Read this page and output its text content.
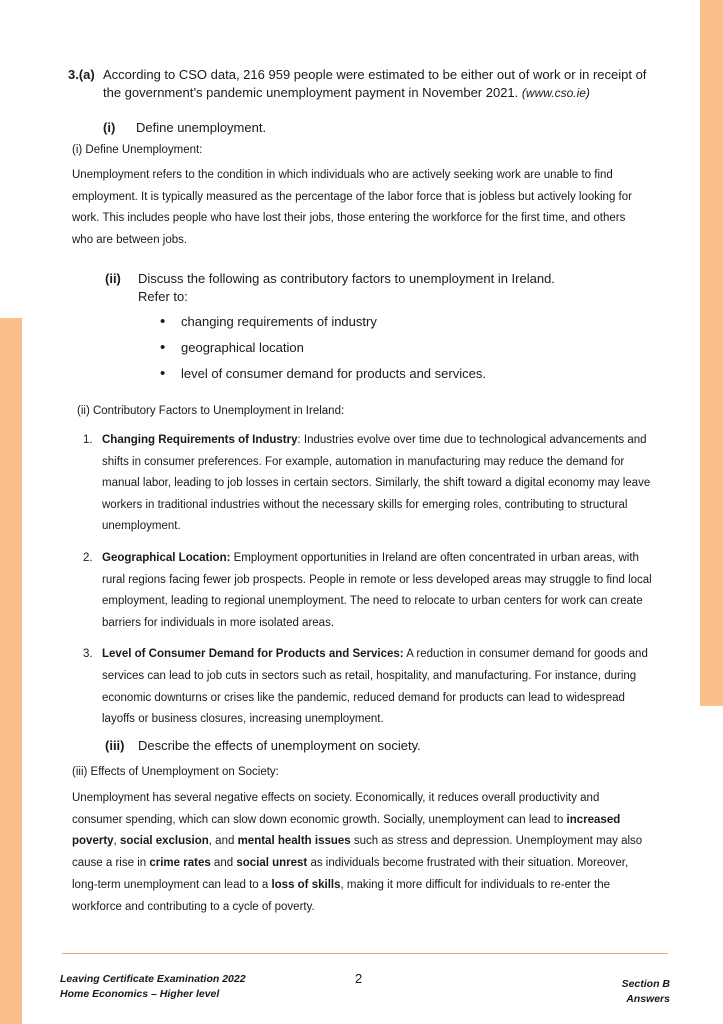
3.(a) According to CSO data, 216 959 people were estimated to be either out of work or in receipt of the government’s pandemic unemployment payment in November 2021. (www.cso.ie)
(i) Define unemployment.
(i) Define Unemployment:

Unemployment refers to the condition in which individuals who are actively seeking work are unable to find employment. It is typically measured as the percentage of the labor force that is jobless but actively looking for work. This includes people who have lost their jobs, those entering the workforce for the first time, and others who are between jobs.

(ii) Discuss the following as contributory factors to unemployment in Ireland.
Refer to:
• changing requirements of industry
• geographical location
• level of consumer demand for products and services.
(ii) Contributory Factors to Unemployment in Ireland:
1. Changing Requirements of Industry: Industries evolve over time due to technological advancements and shifts in consumer preferences. For example, automation in manufacturing may reduce the demand for manual labor, leading to job losses in certain sectors. Similarly, the shift toward a digital economy may leave workers in traditional industries without the necessary skills for emerging roles, contributing to structural unemployment.
2. Geographical Location: Employment opportunities in Ireland are often concentrated in urban areas, with rural regions facing fewer job prospects. People in remote or less developed areas may struggle to find local employment, leading to regional unemployment. The need to relocate to urban centers for work can create barriers for individuals in more isolated areas.
3. Level of Consumer Demand for Products and Services: A reduction in consumer demand for goods and services can lead to job cuts in sectors such as retail, hospitality, and manufacturing. For instance, during economic downturns or crises like the pandemic, reduced demand for products can lead to widespread layoffs or business closures, increasing unemployment.
(iii) Describe the effects of unemployment on society.
(iii) Effects of Unemployment on Society:

Unemployment has several negative effects on society. Economically, it reduces overall productivity and consumer spending, which can slow down economic growth. Socially, unemployment can lead to increased poverty, social exclusion, and mental health issues such as stress and depression. Unemployment may also cause a rise in crime rates and social unrest as individuals become frustrated with their situation. Moreover, long-term unemployment can lead to a loss of skills, making it more difficult for individuals to re-enter the workforce and contributing to a cycle of poverty.

Leaving Certificate Examination 2022
Home Economics – Higher level
2	Section B
Answers
